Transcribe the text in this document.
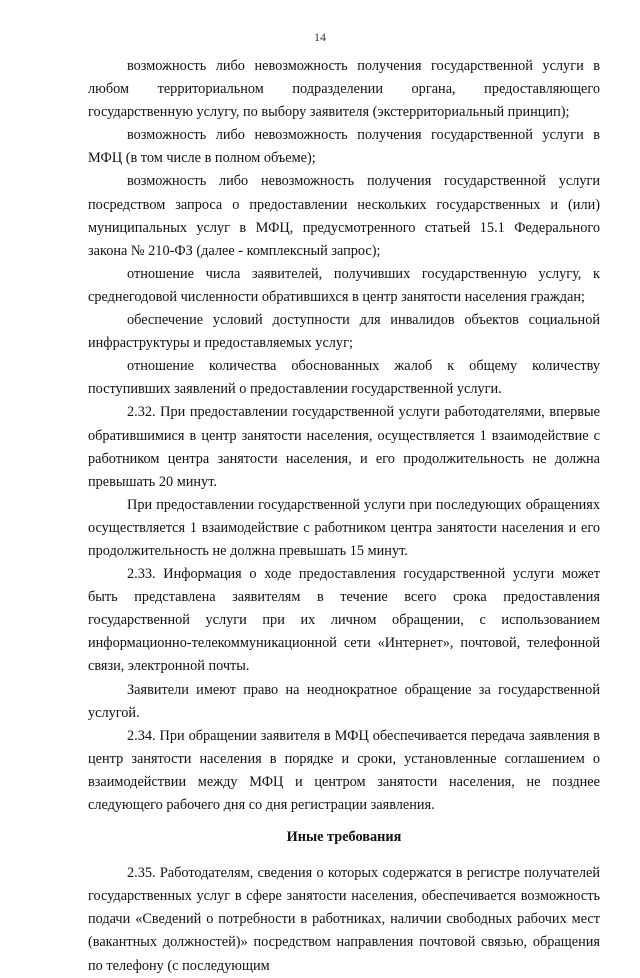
14

возможность либо невозможность получения государственной услуги в любом территориальном подразделении органа, предоставляющего государственную услугу, по выбору заявителя (экстерриториальный принцип);

возможность либо невозможность получения государственной услуги в МФЦ (в том числе в полном объеме);

возможность либо невозможность получения государственной услуги посредством запроса о предоставлении нескольких государственных и (или) муниципальных услуг в МФЦ, предусмотренного статьей 15.1 Федерального закона № 210-ФЗ (далее - комплексный запрос);

отношение числа заявителей, получивших государственную услугу, к среднегодовой численности обратившихся в центр занятости населения граждан;

обеспечение условий доступности для инвалидов объектов социальной инфраструктуры и предоставляемых услуг;

отношение количества обоснованных жалоб к общему количеству поступивших заявлений о предоставлении государственной услуги.

2.32. При предоставлении государственной услуги работодателями, впервые обратившимися в центр занятости населения, осуществляется 1 взаимодействие с работником центра занятости населения, и его продолжительность не должна превышать 20 минут.

При предоставлении государственной услуги при последующих обращениях осуществляется 1 взаимодействие с работником центра занятости населения и его продолжительность не должна превышать 15 минут.

2.33. Информация о ходе предоставления государственной услуги может быть представлена заявителям в течение всего срока предоставления государственной услуги при их личном обращении, с использованием информационно-телекоммуникационной сети «Интернет», почтовой, телефонной связи, электронной почты.

Заявители имеют право на неоднократное обращение за государственной услугой.

2.34. При обращении заявителя в МФЦ обеспечивается передача заявления в центр занятости населения в порядке и сроки, установленные соглашением о взаимодействии между МФЦ и центром занятости населения, не позднее следующего рабочего дня со дня регистрации заявления.

Иные требования

2.35. Работодателям, сведения о которых содержатся в регистре получателей государственных услуг в сфере занятости населения, обеспечивается возможность подачи «Сведений о потребности в работниках, наличии свободных рабочих мест (вакантных должностей)» посредством направления почтовой связью, обращения по телефону (с последующим
